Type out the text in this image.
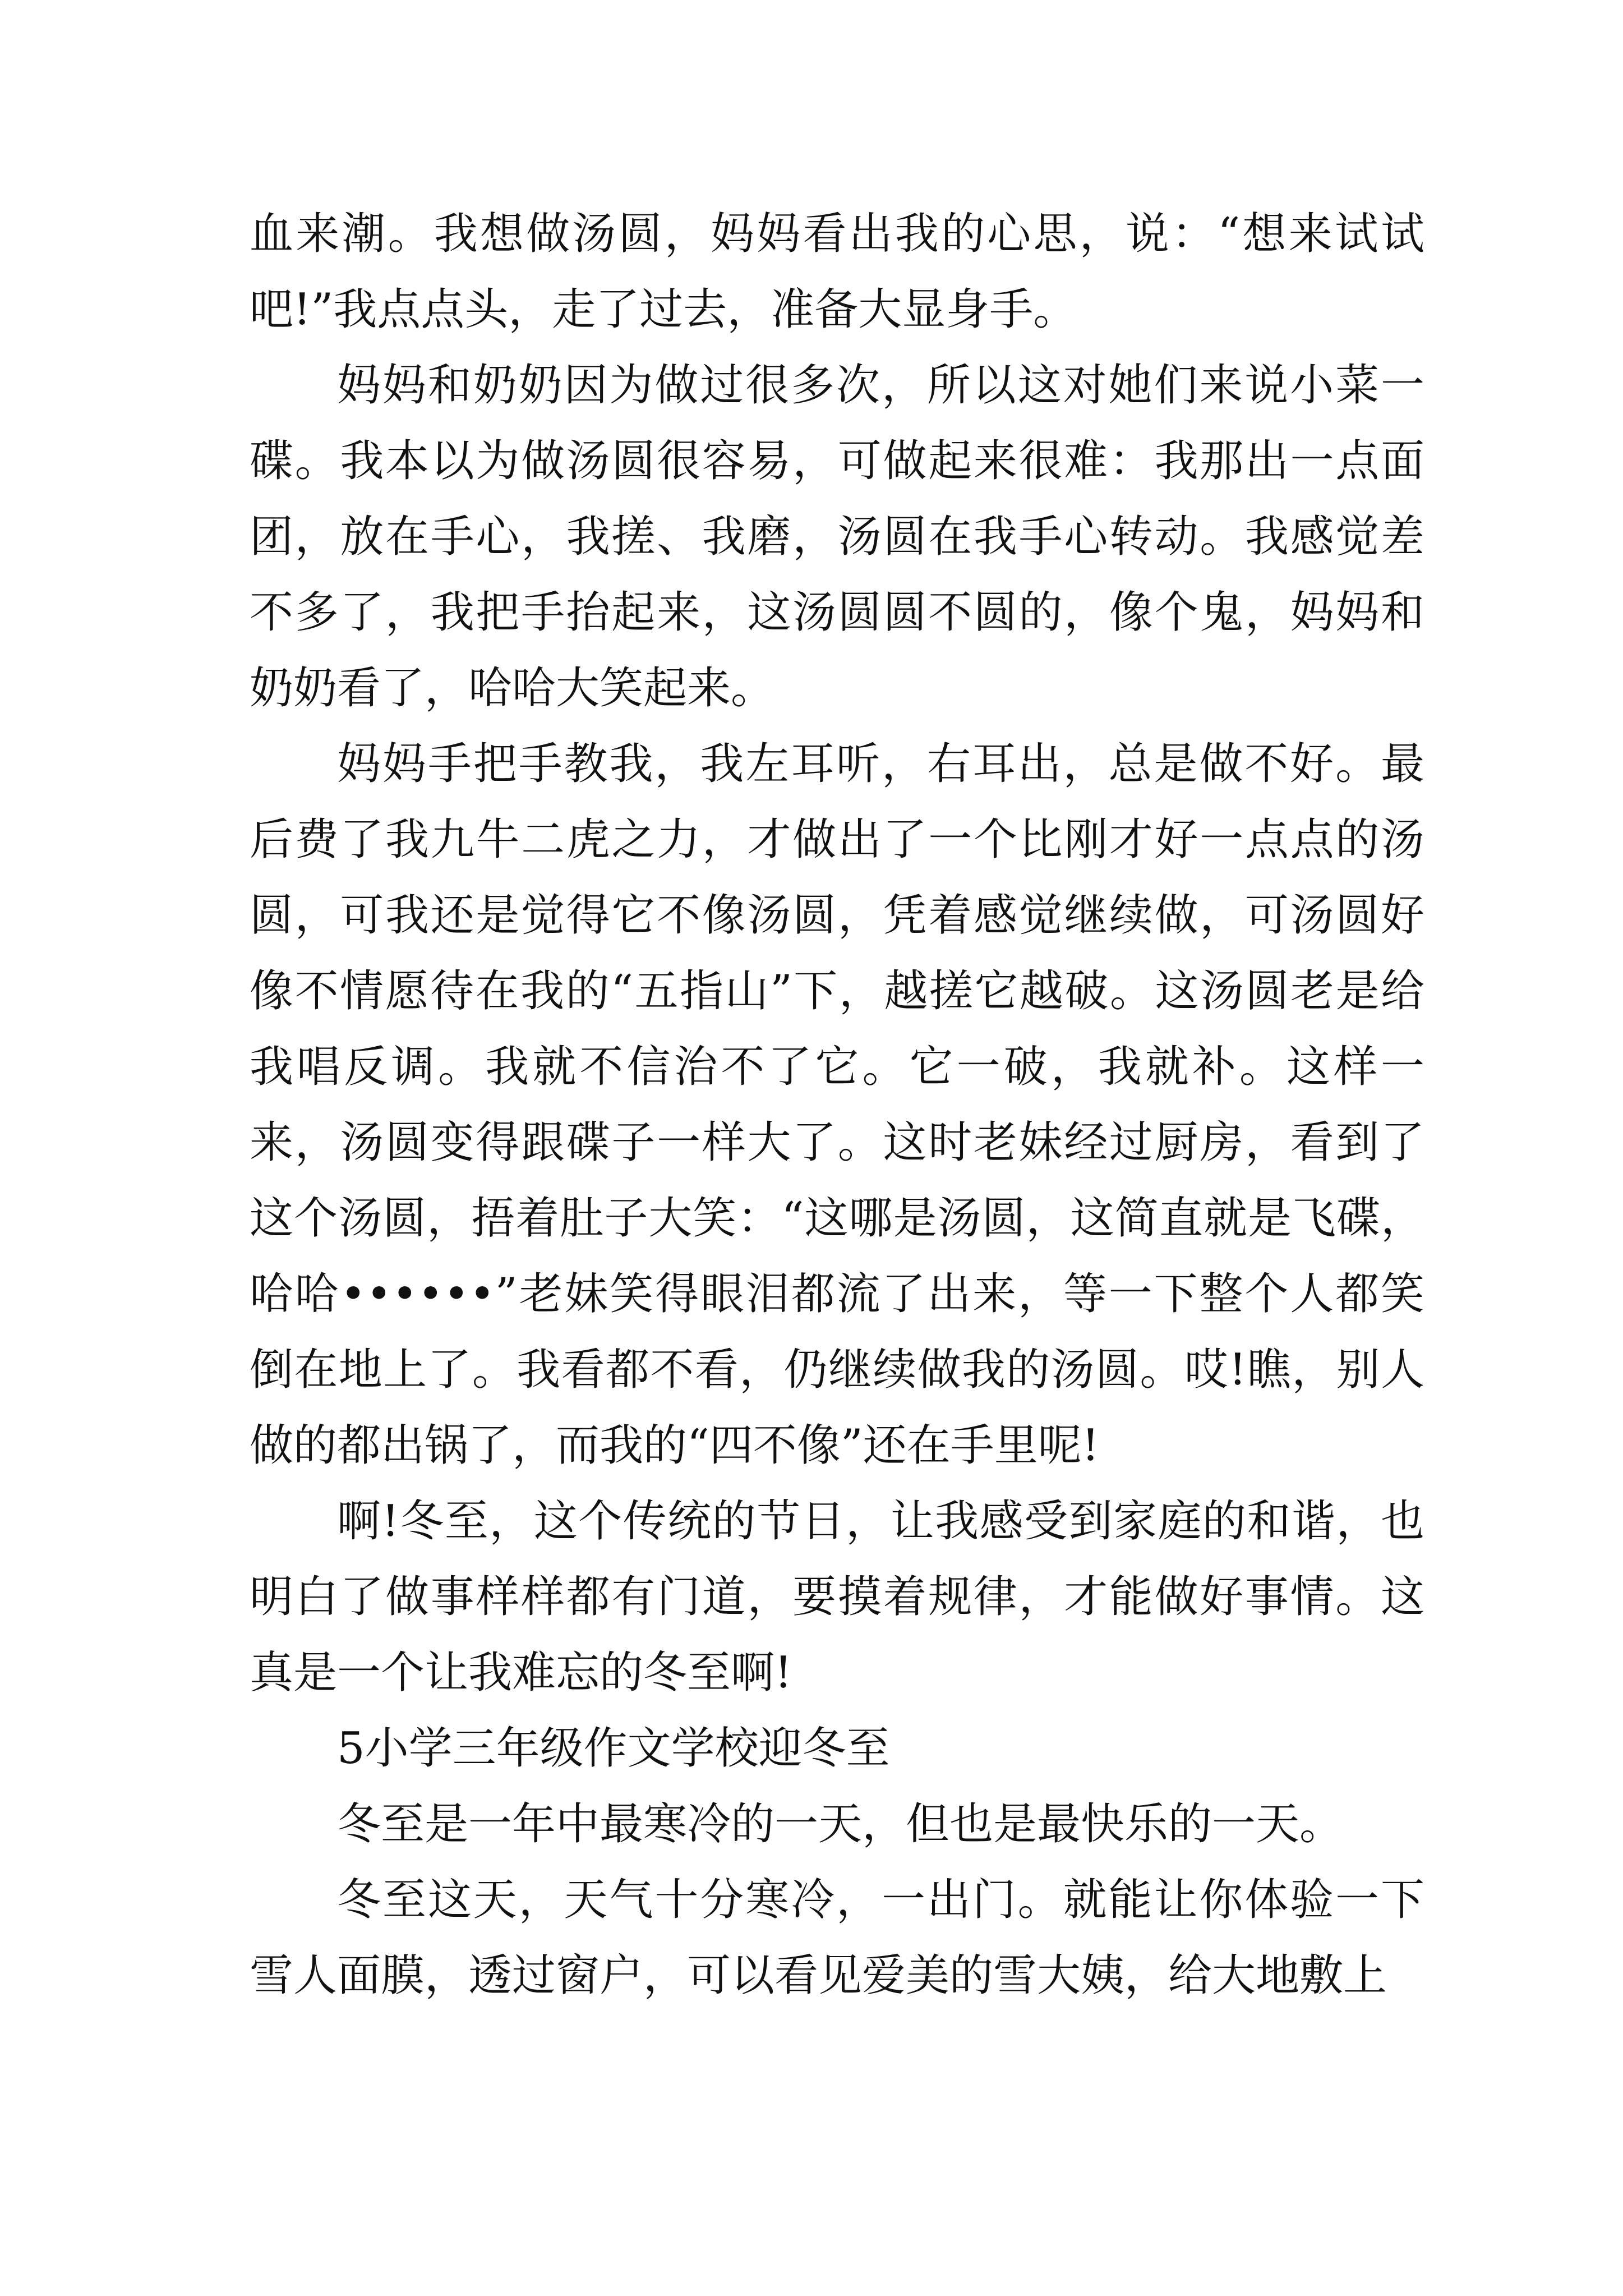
血来潮。我想做汤圆，妈妈看出我的心思，说：“想来试试吧!”我点点头，走了过去，准备大显身手。

妈妈和奶奶因为做过很多次，所以这对她们来说小菜一碟。我本以为做汤圆很容易，可做起来很难：我那出一点面团，放在手心，我搓、我磨，汤圆在我手心转动。我感觉差不多了，我把手抬起来，这汤圆圆不圆的，像个鬼，妈妈和奶奶看了，哈哈大笑起来。

妈妈手把手教我，我左耳听，右耳出，总是做不好。最后费了我九牛二虎之力，才做出了一个比刚才好一点点的汤圆，可我还是觉得它不像汤圆，凭着感觉继续做，可汤圆好像不情愿待在我的“五指山”下，越搓它越破。这汤圆老是给我唱反调。我就不信治不了它。它一破，我就补。这样一来，汤圆变得跟碟子一样大了。这时老妹经过厨房，看到了这个汤圆，捂着肚子大笑：“这哪是汤圆，这简直就是飞碟，哈哈••••••”老妹笑得眼泪都流了出来，等一下整个人都笑倒在地上了。我看都不看，仍继续做我的汤圆。哎!瞧，别人做的都出锅了，而我的“四不像”还在手里呢!

啊!冬至，这个传统的节日，让我感受到家庭的和谐，也明白了做事样样都有门道，要摸着规律，才能做好事情。这真是一个让我难忘的冬至啊!

5小学三年级作文学校迎冬至

冬至是一年中最寒冷的一天，但也是最快乐的一天。

冬至这天，天气十分寒冷，一出门。就能让你体验一下雪人面膜，透过窗户，可以看见爱美的雪大姨，给大地敷上
